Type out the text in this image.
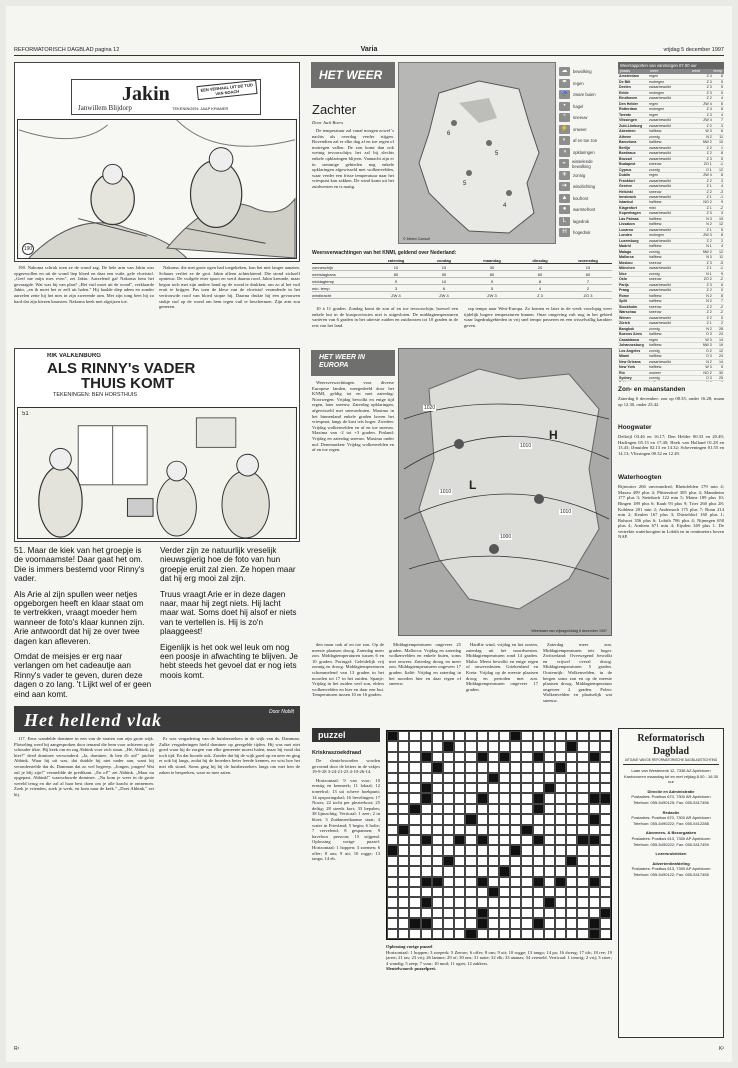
REFORMATORISCH DAGBLAD pagina 12	Varia	vrijdag 5 december 1997
Jakin
Janwillem Blijdorp
EEN VERHAAL UIT DE TIJD VAN NOACH
TEKENINGEN: JAAP KRAMER
190

190. Nakoma schrok toen ze de wond zag. De hele arm van Jakin was opgezwollen en uit de wond liep bloed en daar een vuile, gele vloeistof. „Geef me mijn mes even", zei Jakin. Aarzelend gaf Nakoma hem het gevraagde. Wat was hij van plan? „Het vuil moet uit de wond", verklaarde Jakin, „en ik moet het er zelf uit halen." Hij haalde diep adem en zonder aarzelen zette hij het mes in zijn zwerende arm. Met zijn tong beet hij zo hard dat zijn kiezen knarsten. Nakoma keek met afgrijzen toe.

Nakoma, die met grote ogen had toegekeken, kon het niet langer aanzien. Schaars verliet ze de grot. Jakin alleen achterlatend. Die stond zichzelf opnieuw. De vuilgele etter spoot en werd daarna rood. Jakin kreunde, maar begon toch met zijn andere hand op de wond te drukken, om zo al het vuil eruit te krijgen. Pas toen de kleur van de vloeistof veranderde in het vertrouwde rood van bloed stopte hij. Daarna drukte hij een gevouwen stukje stof op de wond om hem tegen vuil te beschermen. Zijn arm zou genezen.

RIK VALKENBURG
ALS RINNY's VADER
THUIS KOMT
TEKENINGEN: BEN HORSTHUIS
51

51. Maar de kiek van het groepje is de voornaamste! Daar gaat het om. Die is immers bestemd voor Rinny's vader.

Als Arie al zijn spullen weer netjes opgeborgen heeft en klaar staat om te vertrekken, vraagt moeder hem wanneer de foto's klaar kunnen zijn. Arie antwoordt dat hij ze over twee dagen kan afleveren.

Omdat de meisjes er erg naar verlangen om het cadeautje aan Rinny's vader te geven, duren deze dagen o zo lang. 't Lijkt wel of er geen eind aan komt.

Verder zijn ze natuurlijk vreselijk nieuwsgierig hoe de foto van hun groepje eruit zal zien. Ze hopen maar dat hij erg mooi zal zijn.

Truus vraagt Arie er in deze dagen naar, maar hij zegt niets. Hij lacht maar wat. Soms doet hij alsof er niets van te vertellen is. Hij is zo'n plaaggeest!

Eigenlijk is het ook wel leuk om nog een poosje in afwachting te blijven. Je hebt steeds het gevoel dat er nog iets moois komt.

Het hellend vlak	Door Noblit

117. Eens wandelde dominee in een van de straten van zijn grote wijk. Plotseling werd hij aangesproken door iemand die hem voor achteren op de schouder tikte. Hij keek om en zag Abbink voor zich staan. „Hé, Abbink, jij hier?" deed dominee verwonderd. „Ja, dominee, ik ben d'r uit!" juichte Abbink. Waar hij uit was, dat duidde hij niet nader aan, want hij veronderstelde dat ds. Damman dat zo wel begreep. „Jongen, jongen! Wat zul je blij zijn!" vermeldde de predikant. „En of!" zei Abbink. „Maar nu opgepast, Abbink!" waarschuwde dominee. „Nu kom je weer in de grote wereld terug en die zal al haar best doen om je alle kracht te ontnemen. Zoek je vrienden, zoek je werk, en kom naar de kerk." „Doet Abbink," zei hij.

Er was vergadering van de huisbezoekers in de wijk van ds. Damman. Zulke vergaderingen hield dominee op geregelde tijden. Hij was met niet goed waar hij de zorgen van elke gemeente moest halen, maar hij vond dat toch tijd. En dat hoorde ook. Zonder dat hij de wijk goed op en neer en ging er ook bij langs, zodat hij de broeders beter leerde kennen, en wist hoe het met elk stond. Soms ging hij bij de huisbezoekers langs om met hen de zaken te bespreken, waar ze mee zaten.

HET WEER
Zachter
Door Jack Boers

De temperatuur zal vanaf morgen zowel 's nachts als overdag verder stijgen. Bovendien zal er elke dag af en toe regen of motregen vallen. De zon komt dan ook weinig tevoorschijn; het zal bij slechts enkele opklaringen blijven. Vannacht zijn er in sommige gebieden nog enkele opklaringen afgewisseld met wolkenvelden, waar verder een frisse temperatuur naar het vriespunt kan zakken. De wind komt uit het zuidwesten en is matig.

6
5
5
4
© Meteo Consult
☁	bewolking
☂	regen
☔	zware buien
•	hagel
*	sneeuw
⚡	onweer
◐	af en toe zon
◑	opklaringen
◒	wisselende bewolking
☀	zonnig
➔	windrichting
▲	koufront
●	warmtefront
L	lagedruk
H	hogedruk
Weersverwachtingen van het KNMI, geldend over Nederland:
zaterdag	zondag	maandag	dinsdag	woensdag
zonneschijn	10	15	30	20	15
neerslagkans	80	90	80	60	60
middagtemp	9	10	9	8	7
min. temp	3	6	5	4	2
windkracht	ZW 4	ZW 4	ZW 3	Z 3	ZO 3

10 à 11 graden. Zondag komt de zon af en toe tevoorschijn, hoewel een enkele bui in de kustprovincies niet is uitgesloten. De middagtemperaturen variëren van 6 graden in het uiterste zuiden en zuidoosten tot 10 graden in de rest van het land.

rap tempo naar West-Europa. Zo komen er later in de week voorlopig weer tijdelijk hogere temperaturen binnen. Onze omgeving valt nog in het gebied waar lagedrukgebieden in vrij snel tempo passeren en een wisselvallig karakter geven.

HET WEER IN EUROPA
L
H
1020
1010
1010
1010
1000
Weerkaart van vrijdagmiddag 5 december 1997

Weersverwachtingen voor diverse Europese landen, meegedeeld door het KNMI, geldig tot en met zaterdag: Noorwegen: Vrijdag bewolkt en enige tijd regen, later sneeuw. Zaterdag opklaringen, afgewisseld met sneeuwbuien. Maxima in het binnenland enkele graden boven het vriespunt, langs de kust iets hoger. Zweden: Vrijdag wolkenvelden en af en toe sneeuw. Maxima van -2 tot +3 graden. Finland: Vrijdag en zaterdag sneeuw. Maxima onder nul. Denemarken: Vrijdag wolkenvelden en af en toe regen.

den maar ook af en toe zon. Op de meeste plaatsen droog. Zaterdag meer zon. Middagtemperaturen tussen 6 en 10 graden. Portugal: Geleidelijk vrij zonnig en droog. Middagtemperaturen schommelend van 13 graden in het noorden tot 17 in het zuiden. Spanje: Vrijdag in het zuiden veel zon, elders wolkenvelden en hier en daar een bui. Temperaturen tussen 10 en 16 graden.

Middagtemperaturen ongeveer 25 graden. Mallorca: Vrijdag en zaterdag wolkenvelden en enkele buien, soms met onweer. Zaterdag droog en meer zon. Middagtemperaturen ongeveer 17 graden. Italië: Vrijdag en zaterdag in het noorden hier en daar regen of sneeuw.

Hardlie wind, vrijdag en het oosten, zaterdag uit het noordwesten. Middagtemperaturen rond 14 graden. Malta: Meest bewolkt en enige regen of onweersbuien. Griekenland en Kreta: Vrijdag op de meeste plaatsen droog en perioden met zon. Middagtemperaturen ongeveer 17 graden.

Zaterdag meer zon. Middagtemperaturen iets hoger. Zwitserland: Overwegend bewolkt en vrijwel overal droog. Middagtemperaturen 5 graden. Oostenrijk: Wolkenvelden, in de bergen soms zon en op de meeste plaatsen droog. Middagtemperatuur ongeveer 2 graden. Polen: Wolkenvelden en plaatselijk wat sneeuw.

Weerrapporten van vanmorgen 07.00 uur
plaats	weer	wind	temp
Amsterdam	regen	Z 4	6
De Bilt	motregen	Z 3	5
Deelen	zwaarbewolkt	Z 3	5
Eelde	motregen	Z 3	5
Eindhoven	zwaarbewolkt	Z 2	4
Den Helder	regen	ZW 4	6
Rotterdam	motregen	Z 4	6
Twente	regen	Z 3	4
Vlissingen	zwaarbewolkt	ZW 4	7
Zuid-Limburg	zwaarbewolkt	Z 2	3
Aberdeen	halfbew.	W 3	6
Athene	zonnig	N 2	11
Barcelona	halfbew.	NW 2	10
Berlijn	zwaarbewolkt	Z 2	1
Bordeaux	zwaarbewolkt	Z 2	8
Brussel	zwaarbewolkt	Z 3	5
Budapest	sneeuw	ZO 1	-1
Cyprus	zonnig	O 1	12
Dublin	regen	ZW 4	8
Frankfurt	zwaarbewolkt	Z 2	3
Genève	zwaarbewolkt	Z 1	4
Helsinki	sneeuw	Z 2	-3
Innsbruck	zwaarbewolkt	Z 1	-1
Istanbul	halfbew.	NO 2	9
Klagenfurt	mist	Z 1	-2
Kopenhagen	zwaarbewolkt	Z 3	3
Las Palmas	halfbew.	N 3	19
Lissabon	halfbew.	N 2	12
Locarno	zwaarbewolkt	Z 1	5
Londen	motregen	ZW 3	8
Luxemburg	zwaarbewolkt	Z 2	2
Madrid	halfbew.	N 1	4
Malaga	zonnig	NW 2	12
Mallorca	halfbew.	N 3	11
Moskou	sneeuw	Z 3	-5
München	zwaarbewolkt	Z 1	-1
Nice	zonnig	N 1	9
Oslo	sneeuw	ZO 2	-2
Parijs	zwaarbewolkt	Z 3	6
Praag	zwaarbewolkt	Z 2	0
Rome	halfbew.	N 2	8
Split	halfbew.	N 2	7
Stockholm	sneeuw	Z 2	-2
Warschau	sneeuw	Z 2	-2
Wenen	zwaarbewolkt	Z 2	0
Zürich	zwaarbewolkt	Z 1	2
Bangkok	zonnig	N 2	28
Buenos Aires	halfbew.	O 3	24
Casablanca	regen	W 3	14
Johannesburg	halfbew.	NW 3	19
Los Angeles	zonnig	O 2	12
Miami	halfbew.	O 3	24
New Orleans	zwaarbewolkt	N 2	14
New York	halfbew.	W 3	5
Rio	onweer	NO 2	30
Sydney	zonnig	O 3	25

Zon- en maanstanden
Zaterdag 6 december: zon op 08.35, onder 16.28; maan op 12.30, onder 23.42.
Hoogwater
Delfzijl 03.46 en 16.17; Den Helder 00.33 en 20.49; Harlingen 05.13 en 17.40; Hoek van Holland 01.28 en 13.43; IJmuiden 02.13 en 14.32; Scheveningen 01.55 en 14.13; Vlissingen 00.32 en 12.49.
Waterhoogten
Rijnwater 266 onveranderd; Rheinfelden 179 min 4; Maxau 499 plus 4; Plittersdorf 305 plus 4; Mannheim 177 plus 3; Steinbach 122 min 5; Mainz 189 plus 10; Bingen 189 plus 6; Kaub 93 plus 9; Trier 260 plus 28; Koblenz 201 min 2; Andernach 175 plus 7; Bonn 214 min 2; Keulen 167 plus 3; Düsseldorf 160 plus 1; Ruhrort 356 plus 6; Lobith 786 plus 4; Nijmegen 650 plus 4; Arnhem 671 min 4; Eijsden 349 plus 1. De vertrekte waterhoogten in Lobith en in centimeters boven NAP.
puzzel
Kriskraszoekdraad

De sleutelwoorden worden gevormd door de letters in de vakjes 19-9-28 3-24-21-23 4-10-26-14.

Horizontaal: 9 van voor; 10 ernstig en kenmerk; 11 lokaal; 12 toneelrol; 13 uit scheve hoekpunt; 14 opsporingsbal; 16 lievelingen; 17 Noors; 22 tocht per plezierboot; 25 deftig; 28 steeds kort; 33 bepalen; 38 lijmachtig. Verticaal: 1 zeer; 2 in bloei; 3 Zuidamerikaanse staat; 4 water in Friesland; 5 begin; 6 holte; 7 vervelend; 8 gespannen; 9 haveloos persoon; 15 stijgend. Oplossing vorige puzzel: Horizontaal: 1 hoppen; 3 zoemen; 6 offer; 8 ons; 9 uit; 10 rogge; 13 tango; 14 eb.

Oplossing vorige puzzel

Horizontaal: 1 hoppen; 3 zoeperk; 5 Zeeuw; 6 offer; 8 ons; 9 uit; 10 rogge; 13 tango; 14 pa; 16 dwerg; 17 ids; 18 ree; 19 jarret; 21 tas; 23 vrij; 26 lamme; 29 of; 30 ons; 31 natie; 32 elk; 33 ananas; 34 vermeld. Verticaal: 1 treurig; 2 vrij; 3 stoer; 4 wandig; 5 zeep; 7 vuur; 10 mud; 11 ogen; 12 zakkers.

Sleutelwoord: puzzelprei.

Reformatorisch Dagblad
UITGAVE VAN DE REFORMATORISCHE DAGBLADSTICHTING
Laan van Westenenk 12, 7336 AZ Apeldoorn
Kantooruren maandag tot en met vrijdag 8.00 - 16.30 uur
Directie en Administratie
Postadres: Postbus 670, 7300 AR Apeldoorn
Telefoon: 055-5490125; Fax: 055-5417456
Redactie
Postadres: Postbus 670, 7300 AR Apeldoorn
Telefoon: 055-5490222; Fax: 055-5412288
Abonnees- & Bezorgzaken
Postadres: Postbus 613, 7300 AP Apeldoorn
Telefoon: 055-5490222; Fax: 055-5417459
Lezersrubrieken
Advertentieafdeling
Postadres: Postbus 613, 7300 AP Apeldoorn
Telefoon: 055-5490122; Fax: 055-5417455
R¹	K²
